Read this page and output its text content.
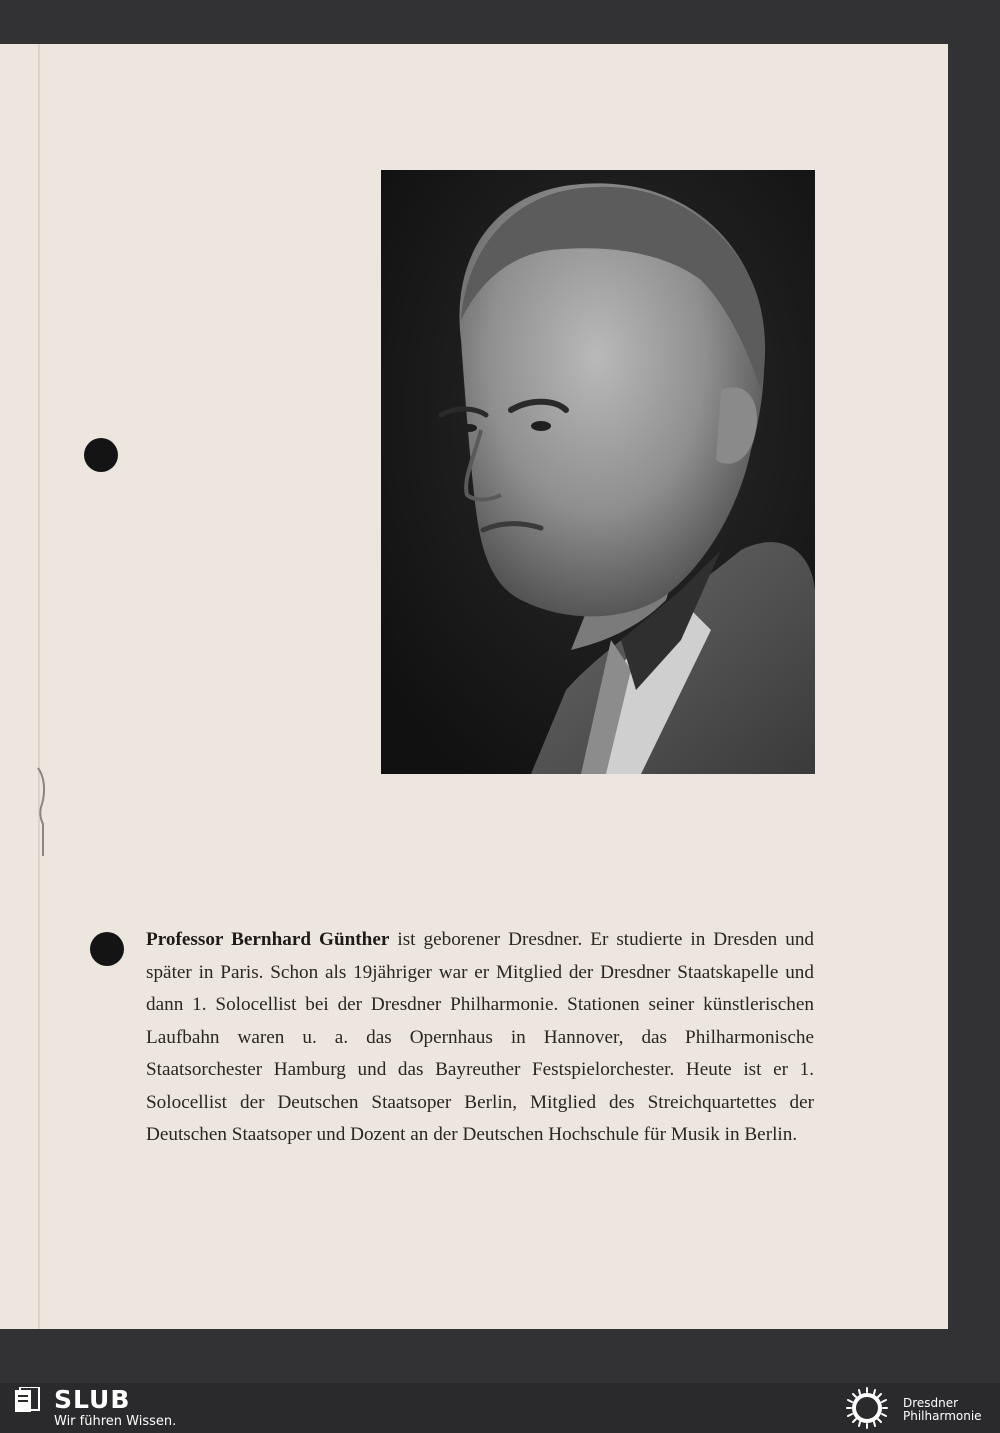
Professor Bernhard Günther ist geborener Dresdner. Er studierte in Dresden und später in Paris. Schon als 19jähriger war er Mitglied der Dresdner Staatskapelle und dann 1. Solocellist bei der Dresdner Philharmonie. Stationen seiner künstlerischen Laufbahn waren u. a. das Opernhaus in Hannover, das Philharmonische Staatsorchester Hamburg und das Bayreuther Festspielorchester. Heute ist er 1. Solocellist der Deutschen Staatsoper Berlin, Mitglied des Streichquartettes der Deutschen Staatsoper und Dozent an der Deutschen Hochschule für Musik in Berlin.

SLUB
Wir führen Wissen.
Dresdner
Philharmonie
